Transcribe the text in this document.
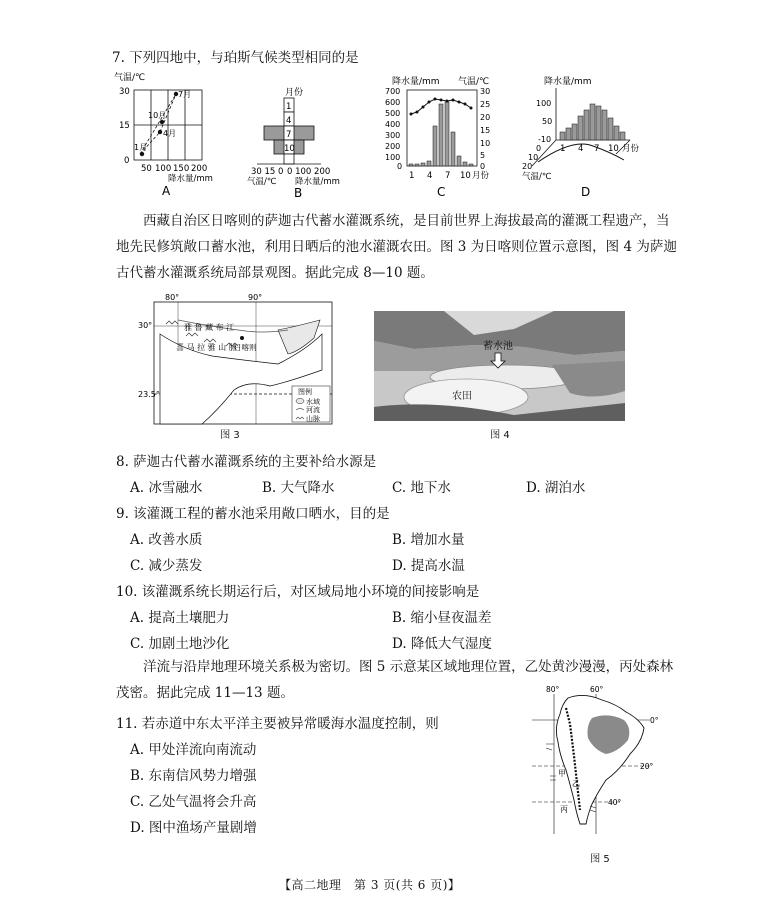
7. 下列四地中，与珀斯气候类型相同的是
气温/℃
7月
10月
4月
1月
30
15
0
50 100 150 200
降水量/mm
A
月份
1
4
7
10
30 15 0 0 100 200
气温/℃ 降水量/mm
B
降水量/mm 气温/℃
700
600
500
400
300
200
100
0
30
25
20
15
10
5
0
1 4 7 10 月份
C
降水量/mm
100
50
-10
0
10
20
1 4 7 10 月份
气温/℃
D
西藏自治区日喀则的萨迦古代蓄水灌溉系统，是目前世界上海拔最高的灌溉工程遗产，当
地先民修筑敞口蓄水池，利用日晒后的池水灌溉农田。图 3 为日喀则位置示意图，图 4 为萨迦
古代蓄水灌溉系统局部景观图。据此完成 8—10 题。
80°	90°
30°
23.5°
雅 鲁 藏 布 江
喜 马 拉 雅 山 脉
日喀则
图例
水域
河流
山脉
图 3
蓄水池
农田
图 4
8. 萨迦古代蓄水灌溉系统的主要补给水源是
A. 冰雪融水	B. 大气降水	C. 地下水	D. 湖泊水
9. 该灌溉工程的蓄水池采用敞口晒水，目的是
A. 改善水质	B. 增加水量
C. 减少蒸发	D. 提高水温
10. 该灌溉系统长期运行后，对区域局地小环境的间接影响是
A. 提高土壤肥力	B. 缩小昼夜温差
C. 加剧土地沙化	D. 降低大气湿度
洋流与沿岸地理环境关系极为密切。图 5 示意某区域地理位置，乙处黄沙漫漫，丙处森林
茂密。据此完成 11—13 题。
11. 若赤道中东太平洋主要被异常暖海水温度控制，则
A. 甲处洋流向南流动
B. 东南信风势力增强
C. 乙处气温将会升高
D. 图中渔场产量剧增
80°	60°
0°
20°
40°
甲
乙
丙
图 5
【高二地理　第 3 页(共 6 页)】
